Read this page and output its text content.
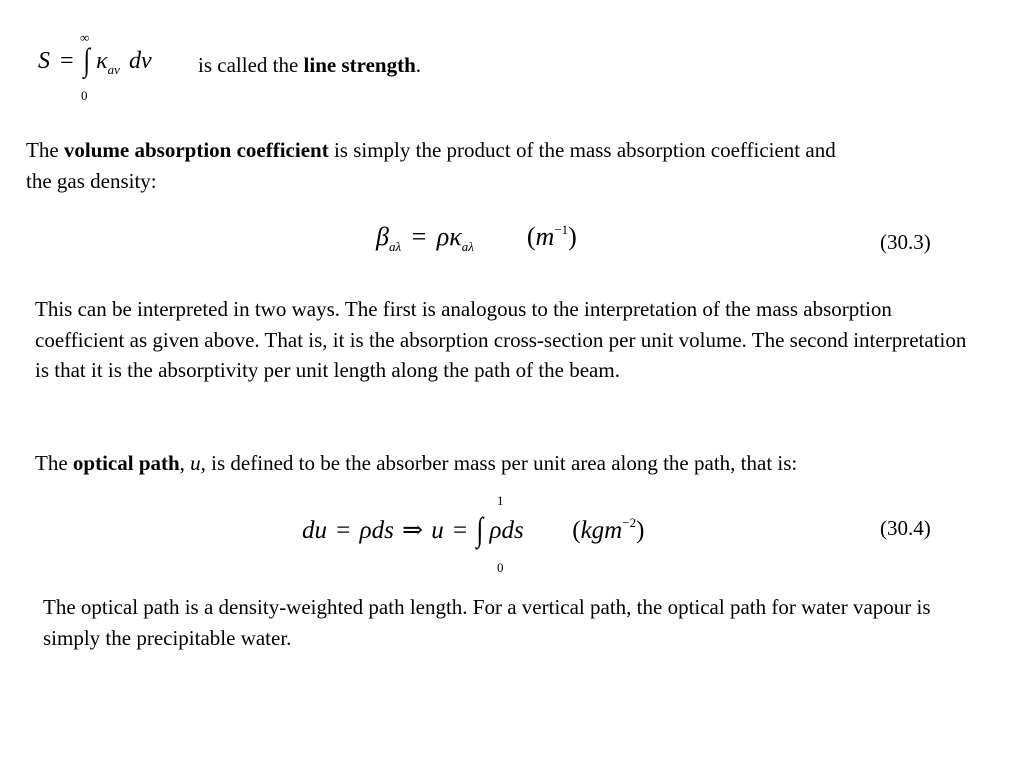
S = ∫ $\kappa_{a\nu}$ dν
∞
0
is called the line strength.
The volume absorption coefficient is simply the product of the mass absorption coefficient and
the gas density:
$\beta_{a\lambda} = \rho\kappa_{a\lambda}$ $(m^{-1})$	(30.3)
This can be interpreted in two ways. The first is analogous to the interpretation of the mass absorption coefficient as given above. That is, it is the absorption cross-section per unit volume. The second interpretation is that it is the absorptivity per unit length along the path of the beam.
The optical path, u, is defined to be the absorber mass per unit area along the path, that is:
du = ρds ⇒ u = ∫ ρds (kgm$^{-2}$)
1
0
(30.4)
The optical path is a density-weighted path length. For a vertical path, the optical path for water vapour is simply the precipitable water.
